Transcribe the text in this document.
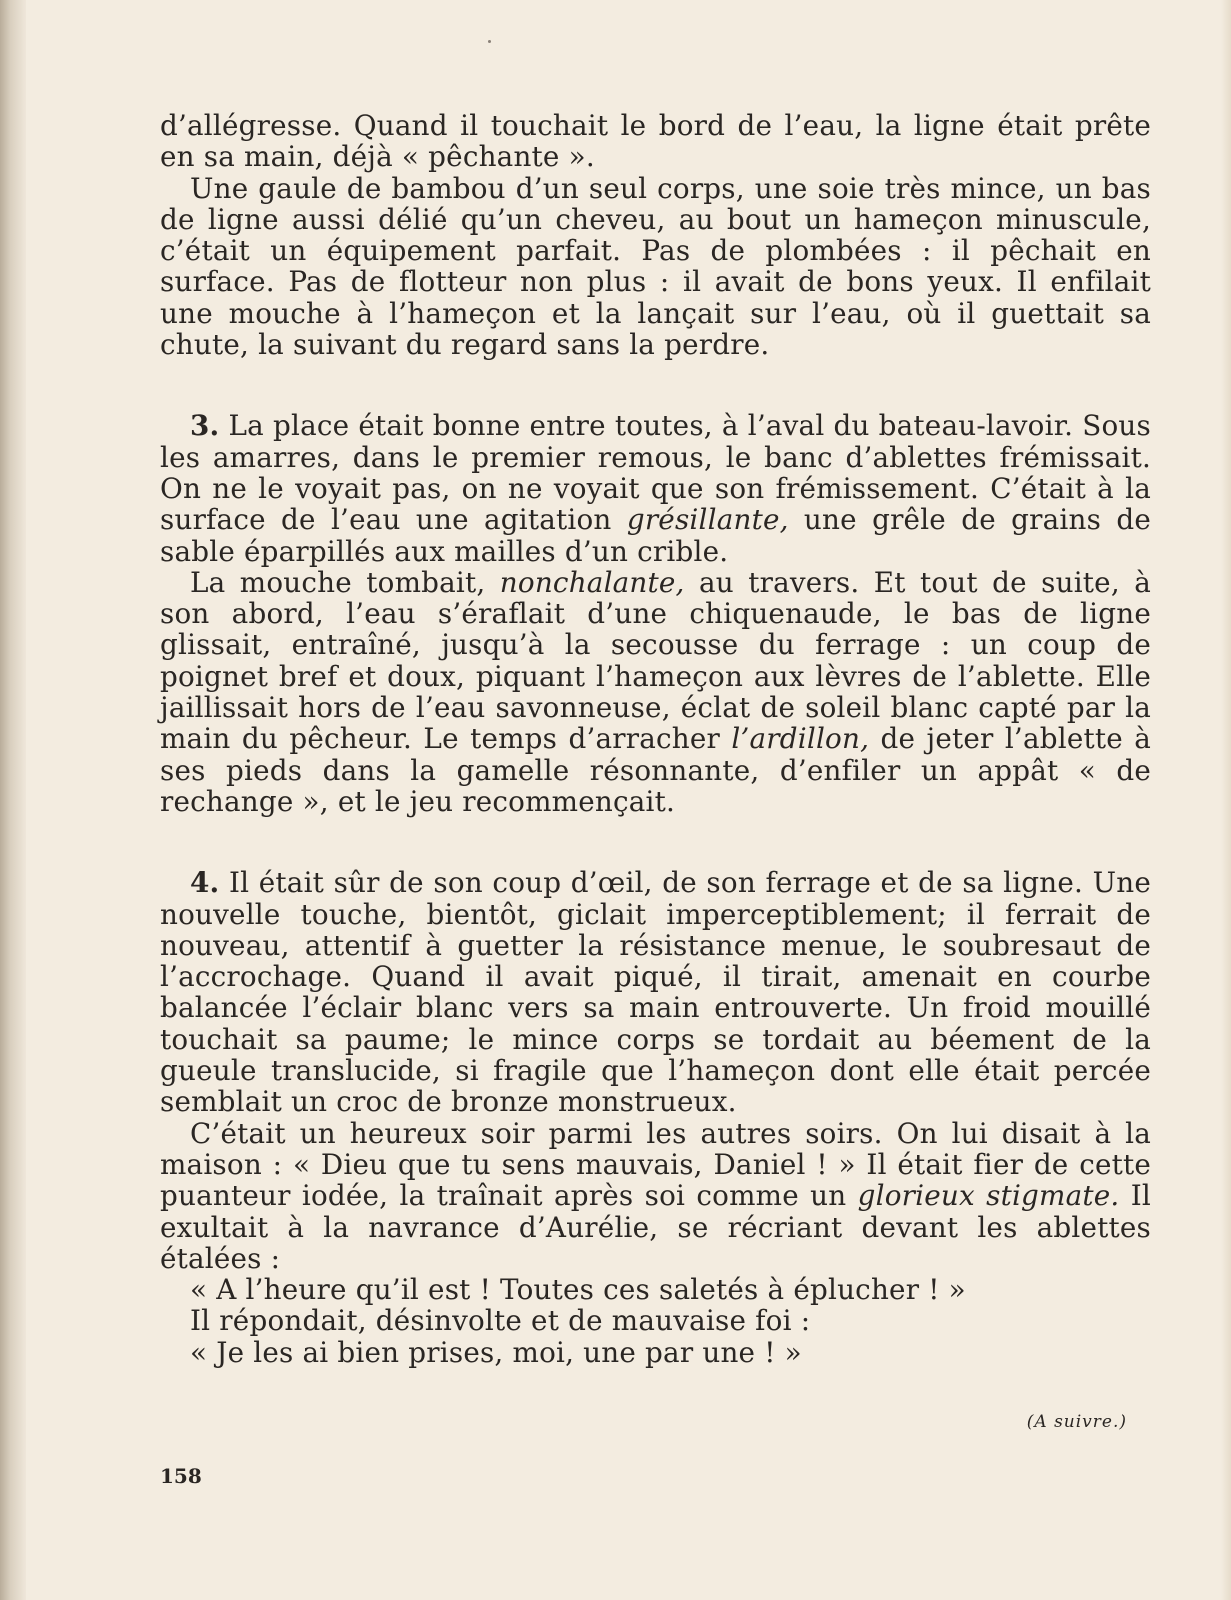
d’allégresse. Quand il touchait le bord de l’eau, la ligne était prête en sa main, déjà « pêchante ».

Une gaule de bambou d’un seul corps, une soie très mince, un bas de ligne aussi délié qu’un cheveu, au bout un hameçon minuscule, c’était un équipement parfait. Pas de plombées : il pêchait en surface. Pas de flotteur non plus : il avait de bons yeux. Il enfilait une mouche à l’hameçon et la lançait sur l’eau, où il guettait sa chute, la suivant du regard sans la perdre.

3. La place était bonne entre toutes, à l’aval du bateau-lavoir. Sous les amarres, dans le premier remous, le banc d’ablettes frémissait. On ne le voyait pas, on ne voyait que son frémissement. C’était à la surface de l’eau une agitation grésillante, une grêle de grains de sable éparpillés aux mailles d’un crible.

La mouche tombait, nonchalante, au travers. Et tout de suite, à son abord, l’eau s’éraflait d’une chiquenaude, le bas de ligne glissait, entraîné, jusqu’à la secousse du ferrage : un coup de poignet bref et doux, piquant l’hameçon aux lèvres de l’ablette. Elle jaillissait hors de l’eau savonneuse, éclat de soleil blanc capté par la main du pêcheur. Le temps d’arracher l’ardillon, de jeter l’ablette à ses pieds dans la gamelle résonnante, d’enfiler un appât « de rechange », et le jeu recommençait.

4. Il était sûr de son coup d’œil, de son ferrage et de sa ligne. Une nouvelle touche, bientôt, giclait imperceptiblement; il ferrait de nouveau, attentif à guetter la résistance menue, le soubresaut de l’accrochage. Quand il avait piqué, il tirait, amenait en courbe balancée l’éclair blanc vers sa main entrouverte. Un froid mouillé touchait sa paume; le mince corps se tordait au béement de la gueule translucide, si fragile que l’hameçon dont elle était percée semblait un croc de bronze monstrueux.

C’était un heureux soir parmi les autres soirs. On lui disait à la maison : « Dieu que tu sens mauvais, Daniel ! » Il était fier de cette puanteur iodée, la traînait après soi comme un glorieux stigmate. Il exultait à la navrance d’Aurélie, se récriant devant les ablettes étalées :

« A l’heure qu’il est ! Toutes ces saletés à éplucher ! »

Il répondait, désinvolte et de mauvaise foi :

« Je les ai bien prises, moi, une par une ! »

(A suivre.)
158
